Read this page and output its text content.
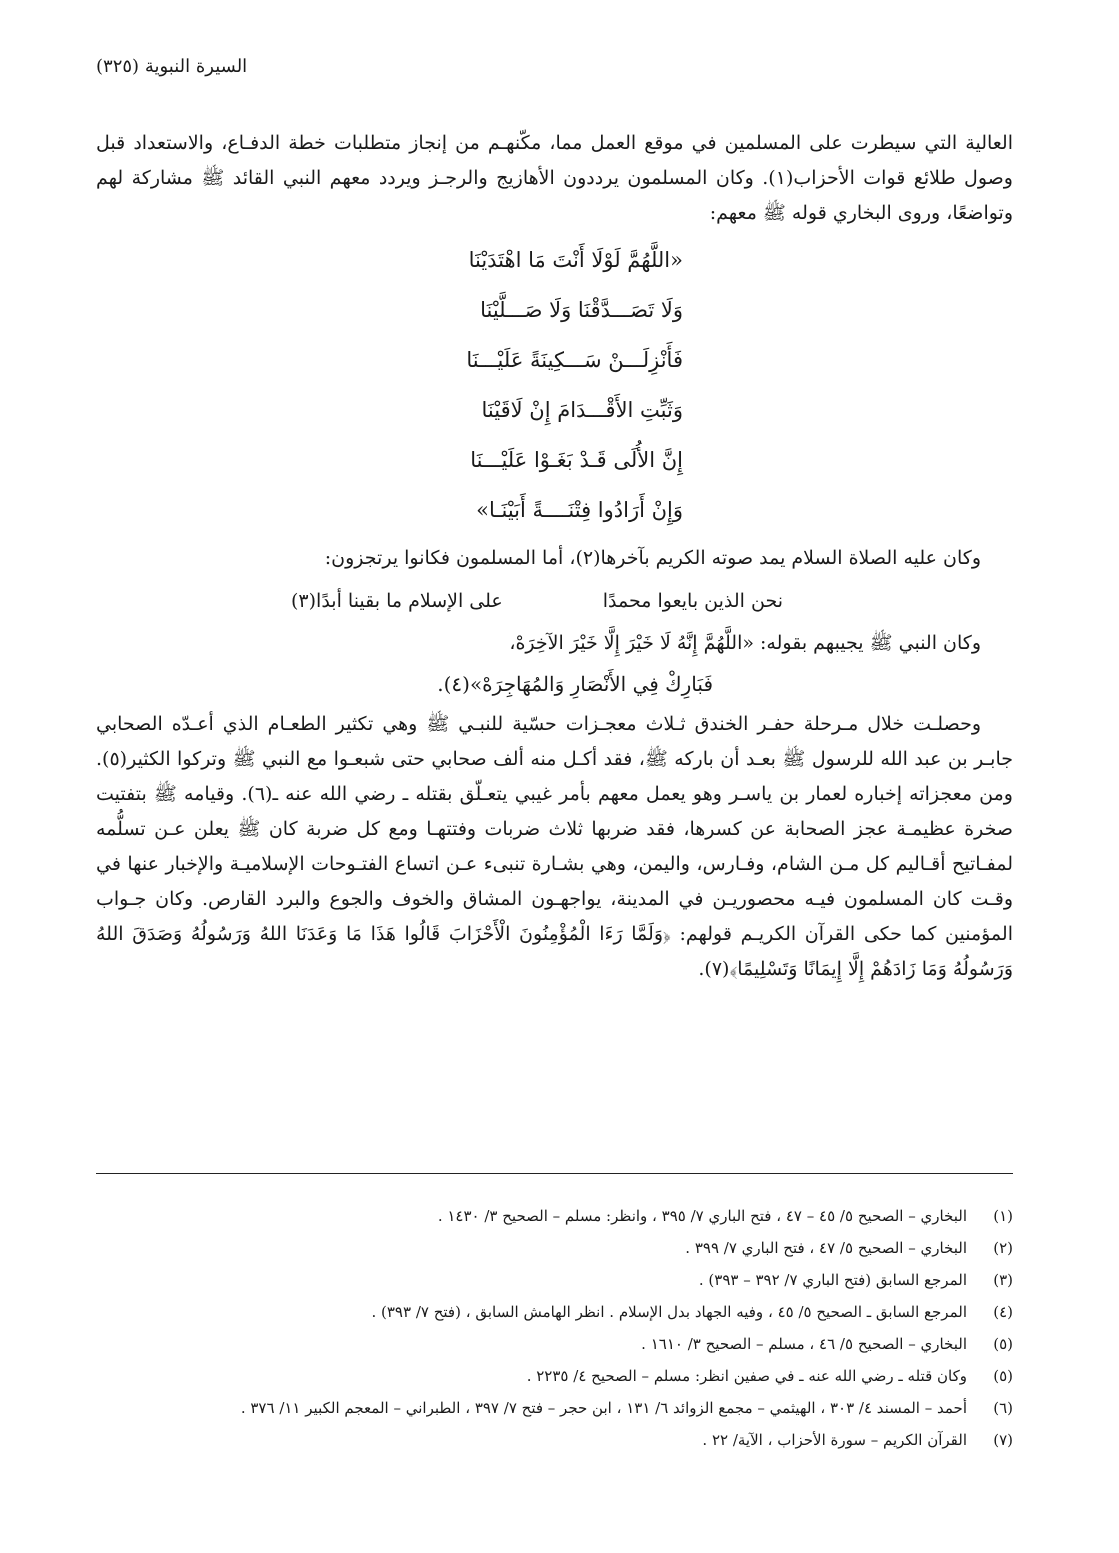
السيرة النبوية (٣٢٥)

العالية التي سيطرت على المسلمين في موقع العمل مما، مكّنهـم من إنجاز متطلبات خطة الدفـاع، والاستعداد قبل وصول طلائع قوات الأحزاب(١). وكان المسلمون يرددون الأهازيج والرجـز ويردد معهم النبي القائد ﷺ مشاركة لهم وتواضعًا، وروى البخاري قوله ﷺ معهم:

«اللَّهُمَّ لَوْلَا أَنْتَ مَا اهْتَدَيْنَا
وَلَا تَصَـــدَّقْنَا وَلَا صَـــلَّيْنَا
فَأَنْزِلَـــنْ سَـــكِينَةً عَلَيْـــنَا
وَثَبِّتِ الأَقْـــدَامَ إِنْ لَاقَيْنَا
إِنَّ الأُلَى قَـدْ بَغَـوْا عَلَيْـــنَا
وَإِنْ أَرَادُوا فِتْنَــــةً أَبَيْنَـا»

وكان عليه الصلاة السلام يمد صوته الكريم بآخرها(٢)، أما المسلمون فكانوا يرتجزون:

نحن الذين بايعوا محمدًا
على الإسلام ما بقينا أبدًا(٣)

وكان النبي ﷺ يجيبهم بقوله: «اللَّهُمَّ إِنَّهُ لَا خَيْرَ إِلَّا خَيْرَ الآخِرَهْ،

فَبَارِكْ فِي الأَنْصَارِ وَالمُهَاجِرَهْ»(٤).

وحصلـت خلال مـرحلة حفـر الخندق ثـلاث معجـزات حسّية للنبـي ﷺ وهي تكثير الطعـام الذي أعـدّه الصحابي جابـر بن عبد الله للرسول ﷺ بعـد أن باركه ﷺ، فقد أكـل منه ألف صحابي حتى شبعـوا مع النبي ﷺ وتركوا الكثير(٥). ومن معجزاته إخباره لعمار بن ياسـر وهو يعمل معهم بأمر غيبي يتعـلّق بقتله ـ رضي الله عنه ـ(٦). وقيامه ﷺ بتفتيت صخرة عظيمـة عجز الصحابة عن كسرها، فقد ضربها ثلاث ضربات وفتتهـا ومع كل ضربة كان ﷺ يعلن عـن تسلُّمه لمفـاتيح أقـاليم كل مـن الشام، وفـارس، واليمن، وهي بشـارة تنبىء عـن اتساع الفتـوحات الإسلاميـة والإخبار عنها في وقـت كان المسلمون فيـه محصوريـن في المدينة، يواجهـون المشاق والخوف والجوع والبرد القارص. وكان جـواب المؤمنين كما حكى القرآن الكريـم قولهم: ﴿وَلَمَّا رَءَا الْمُؤْمِنُونَ الْأَحْزَابَ قَالُوا هَذَا مَا وَعَدَنَا اللهُ وَرَسُولُهُ وَصَدَقَ اللهُ وَرَسُولُهُ وَمَا زَادَهُمْ إِلَّا إِيمَانًا وَتَسْلِيمًا﴾(٧).

(١)
البخاري – الصحيح ٥/ ٤٥ – ٤٧ ، فتح الباري ٧/ ٣٩٥ ، وانظر: مسلم – الصحيح ٣/ ١٤٣٠ .
(٢)
البخاري – الصحيح ٥/ ٤٧ ، فتح الباري ٧/ ٣٩٩ .
(٣)
المرجع السابق (فتح الباري ٧/ ٣٩٢ – ٣٩٣) .
(٤)
المرجع السابق ـ الصحيح ٥/ ٤٥ ، وفيه الجهاد بدل الإسلام . انظر الهامش السابق ، (فتح ٧/ ٣٩٣) .
(٥)
البخاري – الصحيح ٥/ ٤٦ ، مسلم – الصحيح ٣/ ١٦١٠ .
(٥)
وكان قتله ـ رضي الله عنه ـ في صفين انظر: مسلم – الصحيح ٤/ ٢٢٣٥ .
(٦)
أحمد – المسند ٤/ ٣٠٣ ، الهيثمي – مجمع الزوائد ٦/ ١٣١ ، ابن حجر – فتح ٧/ ٣٩٧ ، الطبراني – المعجم الكبير ١١/ ٣٧٦ .
(٧)
القرآن الكريم – سورة الأحزاب ، الآية/ ٢٢ .
